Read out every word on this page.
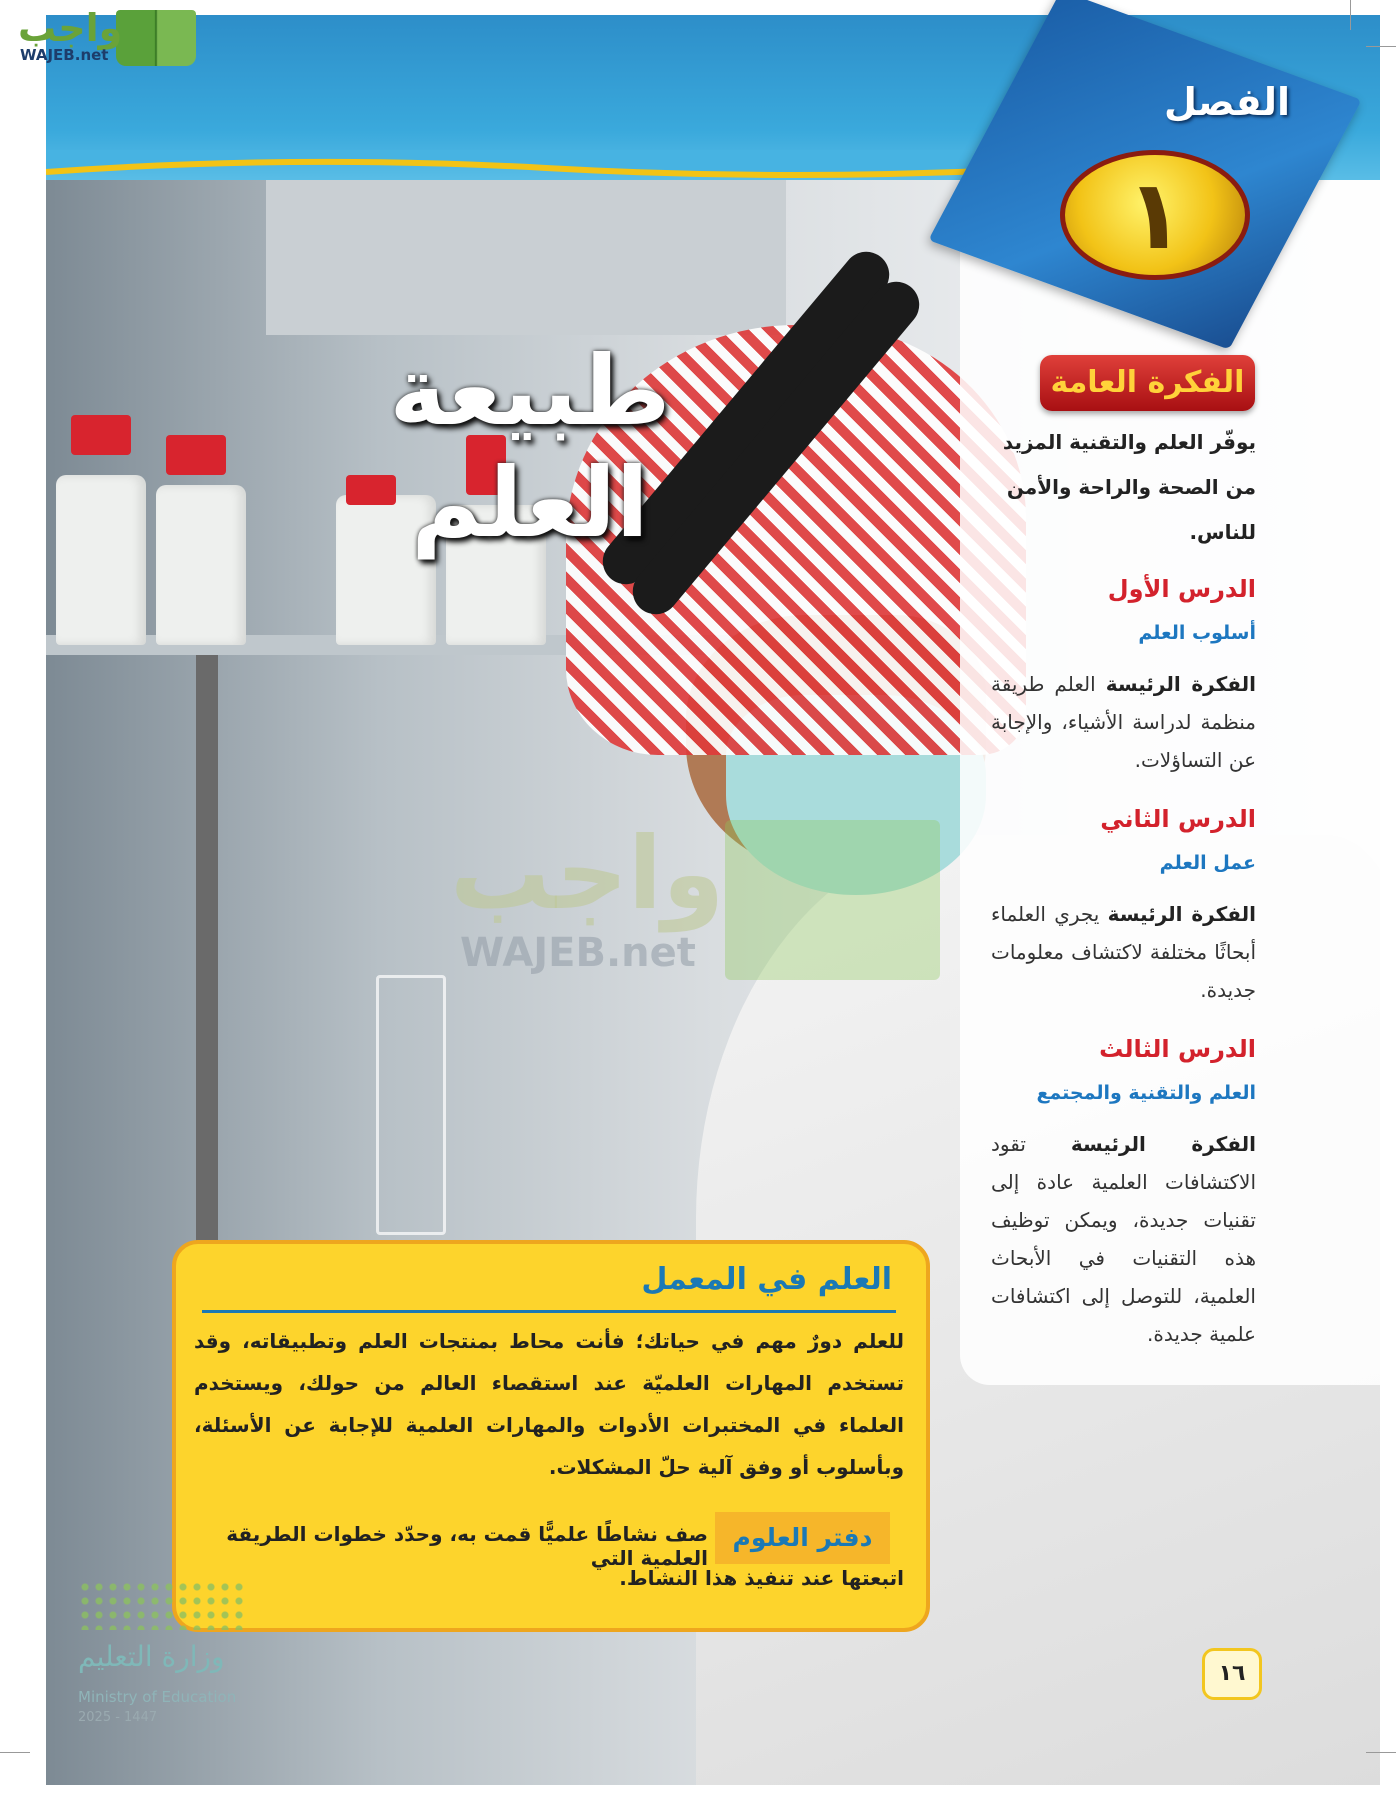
واجب
WAJEB.net
الفصل
١
طبيعة العلم
واجب
WAJEB.net
الفكرة العامة
يوفّر العلم والتقنية المزيد من الصحة والراحة والأمن للناس.
الدرس الأول
أسلوب العلم
الفكرة الرئيسة العلم طريقة منظمة لدراسة الأشياء، والإجابة عن التساؤلات.
الدرس الثاني
عمل العلم
الفكرة الرئيسة يجري العلماء أبحاثًا مختلفة لاكتشاف معلومات جديدة.
الدرس الثالث
العلم والتقنية والمجتمع
الفكرة الرئيسة تقود الاكتشافات العلمية عادة إلى تقنيات جديدة، ويمكن توظيف هذه التقنيات في الأبحاث العلمية، للتوصل إلى اكتشافات علمية جديدة.
العلم في المعمل
للعلم دورٌ مهم في حياتك؛ فأنت محاط بمنتجات العلم وتطبيقاته، وقد تستخدم المهارات العلميّة عند استقصاء العالم من حولك، ويستخدم العلماء في المختبرات الأدوات والمهارات العلمية للإجابة عن الأسئلة، وبأسلوب أو وفق آلية حلّ المشكلات.
دفتر العلوم
صف نشاطًا علميًّا قمت به، وحدّد خطوات الطريقة العلمية التي
اتبعتها عند تنفيذ هذا النشاط.
وزارة التعليم
Ministry of Education
2025 - 1447
١٦
